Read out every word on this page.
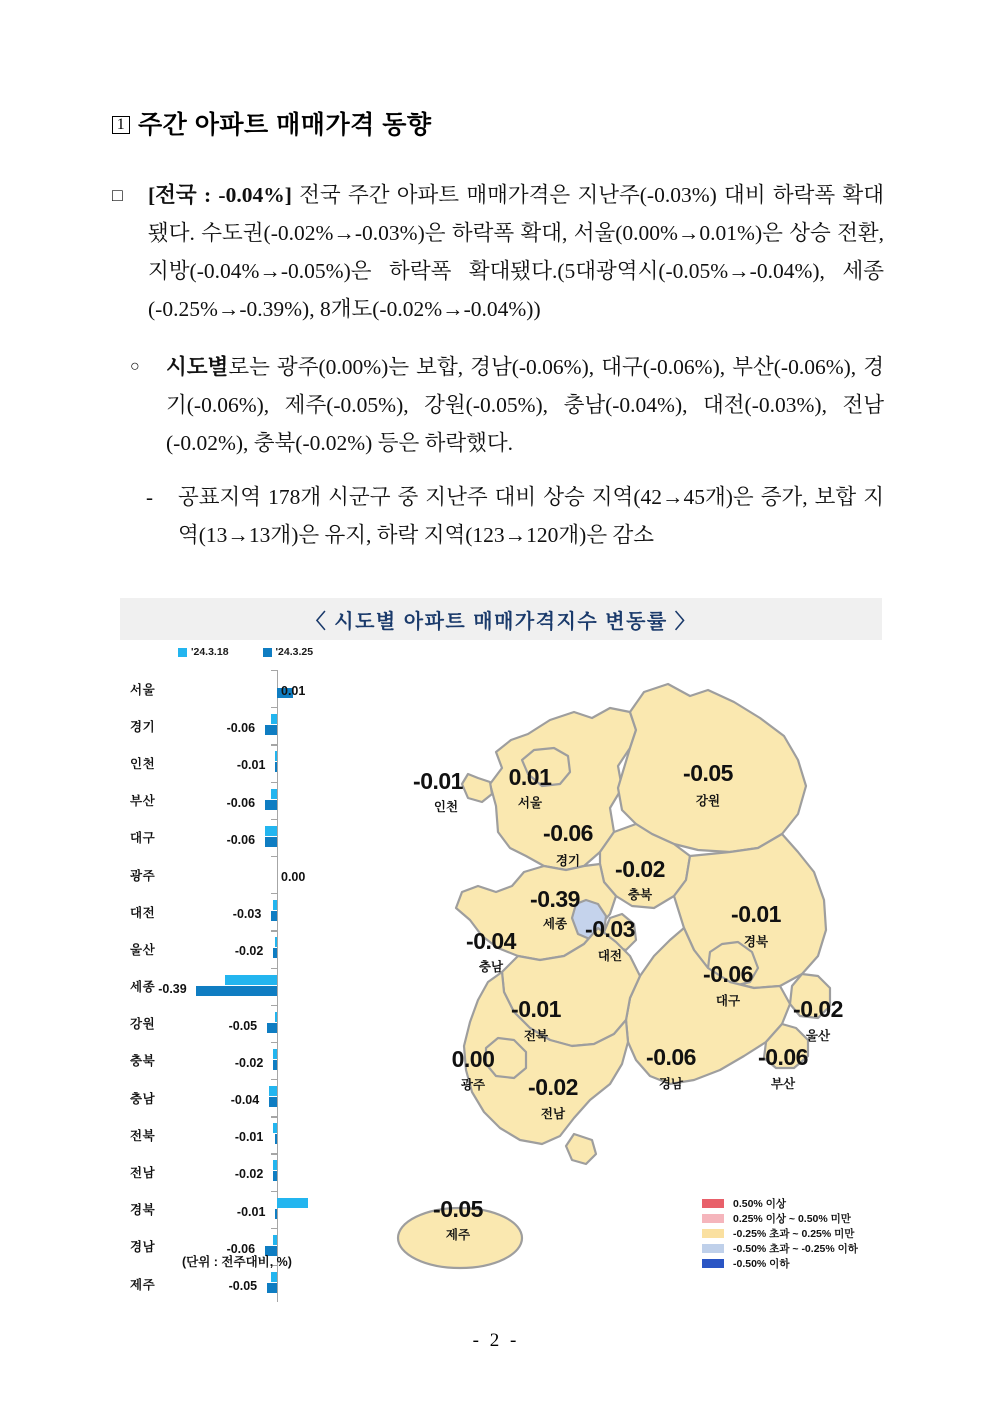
1 주간 아파트 매매가격 동향
□	[전국 : -0.04%] 전국 주간 아파트 매매가격은 지난주(-0.03%) 대비 하락폭 확대됐다. 수도권(-0.02%→-0.03%)은 하락폭 확대, 서울(0.00%→0.01%)은 상승 전환, 지방(-0.04%→-0.05%)은 하락폭 확대됐다.(5대광역시(-0.05%→-0.04%), 세종(-0.25%→-0.39%), 8개도(-0.02%→-0.04%))
○	시도별로는 광주(0.00%)는 보합, 경남(-0.06%), 대구(-0.06%), 부산(-0.06%), 경기(-0.06%), 제주(-0.05%), 강원(-0.05%), 충남(-0.04%), 대전(-0.03%), 전남(-0.02%), 충북(-0.02%) 등은 하락했다.
-	공표지역 178개 시군구 중 지난주 대비 상승 지역(42→45개)은 증가, 보합 지역(13→13개)은 유지, 하락 지역(123→120개)은 감소
〈 시도별 아파트 매매가격지수 변동률 〉
'24.3.18	'24.3.25
서울	0.01
경기	-0.06
인천	-0.01
부산	-0.06
대구	-0.06
광주	0.00
대전	-0.03
울산	-0.02
세종 -0.39
강원	-0.05
충북	-0.02
충남	-0.04
전북	-0.01
전남	-0.02
경북	-0.01
경남	-0.06
제주	-0.05
(단위 : 전주대비, %)
-0.01
인천
0.01
서울
-0.05
강원
-0.06
경기 -0.02
충북
-0.39
세종 -0.03
대전
-0.01
경북
-0.04
충남	-0.06
대구 -0.02
울산
-0.01
전북
-0.06
경남
-0.06
부산
0.00
광주 -0.02
전남
-0.05
제주
0.50% 이상
0.25% 이상 ~ 0.50% 미만
-0.25% 초과 ~ 0.25% 미만
-0.50% 초과 ~ -0.25% 이하
-0.50% 이하
- 2 -
